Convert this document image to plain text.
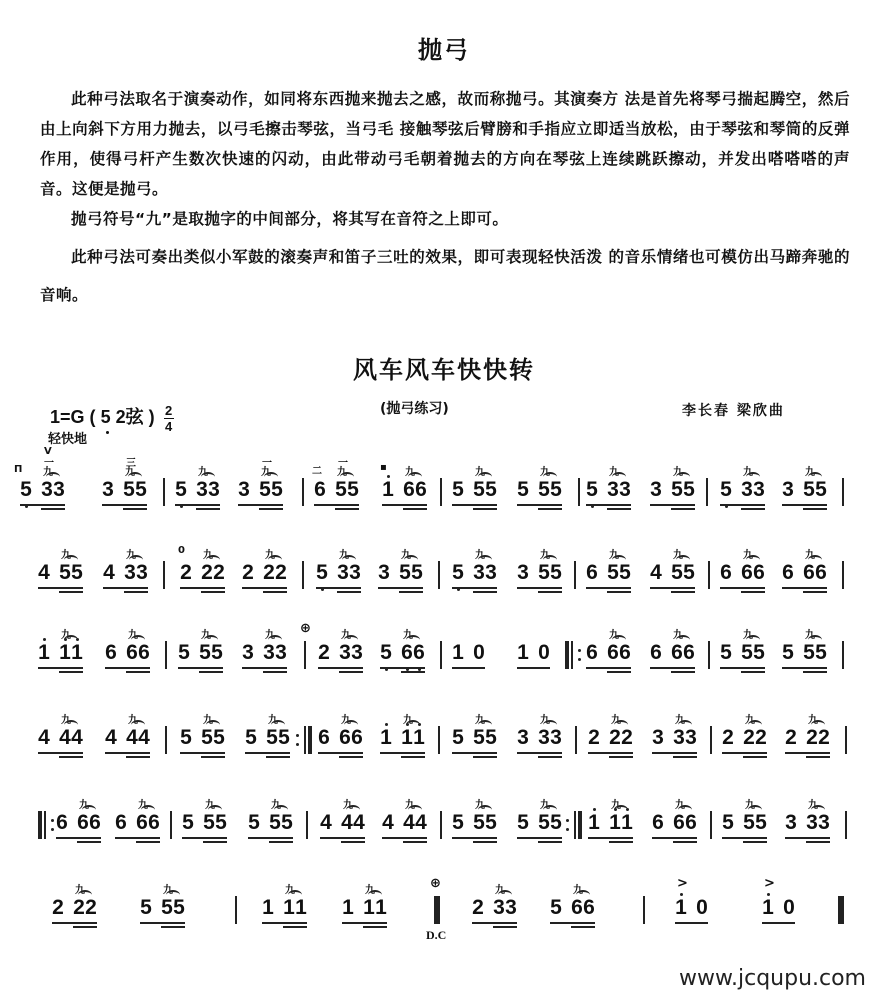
抛弓
此种弓法取名于演奏动作，如同将东西抛来抛去之感，故而称抛弓。其演奏方 法是首先将琴弓揣起腾空，然后由上向斜下方用力抛去，以弓毛擦击琴弦，当弓毛 接触琴弦后臂膀和手指应立即适当放松，由于琴弦和琴筒的反弹作用，使得弓杆产生数次快速的闪动，由此带动弓毛朝着抛去的方向在琴弦上连续跳跃擦动，并发出嗒嗒嗒的声音。这便是抛弓。
抛弓符号“九”是取抛字的中间部分，将其写在音符之上即可。
此种弓法可奏出类似小军鼓的滚奏声和笛子三吐的效果，即可表现轻快活泼 的音乐情绪也可模仿出马蹄奔驰的音响。
风车风车快快转
(抛弓练习)	李长春 梁欣曲
1=G ( 5 2弦 ) $\frac{2}{4}$
轻快地
5 33
九
П
V
一
3 55
九
三
5 33
九
3 55
九
一
6 55
九
一
二
1 66
九
▪
5 55
九
5 55
九
5 33
九
3 55
九
5 33
九
3 55
九
4 55
九
4 33
九
2 22
九
0
2 22
九
5 33
九
3 55
九
5 33
九
3 55
九
6 55
九
4 55
九
6 66
九
6 66
九
1 1
1
九
6 66
九
5 55
九
3 33
九 ⊕
2 33
九
5 6
6
九
1 0 1 0 6 66
九
6 66
九
5 55
九
5 55
九
4 44
九
4 44
九
5 55
九
5 55
九
6 66
九
1 1
1
九
5 55
九
3 33
九
2 22
九
3 33
九
2 22
九
2 22
九
6 66
九
6 66
九
5 55
九
5 55
九
4 44
九
4 44
九
5 55
九
5 55
九
1 1
1
九
6 66
九
5 55
九
3 33
九
2 22
九
5 55
九
1 11
九
1 11
九	⊕
D.C
2 33
九
5 66
九
1 0
>
1 0
>
www.jcqupu.com
